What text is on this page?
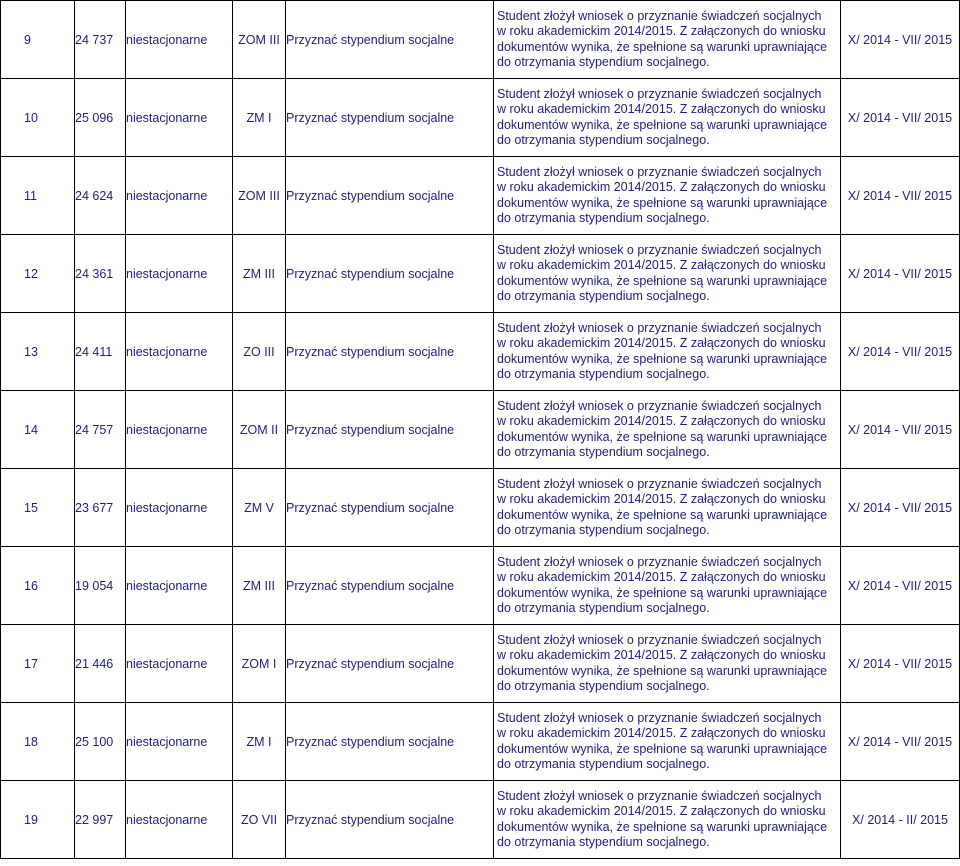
9	24 737	niestacjonarne	ZOM III	Przyznać stypendium socjalne	Student złożył wniosek o przyznanie świadczeń socjalnych w roku akademickim 2014/2015. Z załączonych do wniosku dokumentów wynika, że spełnione są warunki uprawniające do otrzymania stypendium socjalnego.	X/ 2014 - VII/ 2015
10	25 096	niestacjonarne	ZM I	Przyznać stypendium socjalne	Student złożył wniosek o przyznanie świadczeń socjalnych w roku akademickim 2014/2015. Z załączonych do wniosku dokumentów wynika, że spełnione są warunki uprawniające do otrzymania stypendium socjalnego.	X/ 2014 - VII/ 2015
11	24 624	niestacjonarne	ZOM III	Przyznać stypendium socjalne	Student złożył wniosek o przyznanie świadczeń socjalnych w roku akademickim 2014/2015. Z załączonych do wniosku dokumentów wynika, że spełnione są warunki uprawniające do otrzymania stypendium socjalnego.	X/ 2014 - VII/ 2015
12	24 361	niestacjonarne	ZM III	Przyznać stypendium socjalne	Student złożył wniosek o przyznanie świadczeń socjalnych w roku akademickim 2014/2015. Z załączonych do wniosku dokumentów wynika, że spełnione są warunki uprawniające do otrzymania stypendium socjalnego.	X/ 2014 - VII/ 2015
13	24 411	niestacjonarne	ZO III	Przyznać stypendium socjalne	Student złożył wniosek o przyznanie świadczeń socjalnych w roku akademickim 2014/2015. Z załączonych do wniosku dokumentów wynika, że spełnione są warunki uprawniające do otrzymania stypendium socjalnego.	X/ 2014 - VII/ 2015
14	24 757	niestacjonarne	ZOM II	Przyznać stypendium socjalne	Student złożył wniosek o przyznanie świadczeń socjalnych w roku akademickim 2014/2015. Z załączonych do wniosku dokumentów wynika, że spełnione są warunki uprawniające do otrzymania stypendium socjalnego.	X/ 2014 - VII/ 2015
15	23 677	niestacjonarne	ZM V	Przyznać stypendium socjalne	Student złożył wniosek o przyznanie świadczeń socjalnych w roku akademickim 2014/2015. Z załączonych do wniosku dokumentów wynika, że spełnione są warunki uprawniające do otrzymania stypendium socjalnego.	X/ 2014 - VII/ 2015
16	19 054	niestacjonarne	ZM III	Przyznać stypendium socjalne	Student złożył wniosek o przyznanie świadczeń socjalnych w roku akademickim 2014/2015. Z załączonych do wniosku dokumentów wynika, że spełnione są warunki uprawniające do otrzymania stypendium socjalnego.	X/ 2014 - VII/ 2015
17	21 446	niestacjonarne	ZOM I	Przyznać stypendium socjalne	Student złożył wniosek o przyznanie świadczeń socjalnych w roku akademickim 2014/2015. Z załączonych do wniosku dokumentów wynika, że spełnione są warunki uprawniające do otrzymania stypendium socjalnego.	X/ 2014 - VII/ 2015
18	25 100	niestacjonarne	ZM I	Przyznać stypendium socjalne	Student złożył wniosek o przyznanie świadczeń socjalnych w roku akademickim 2014/2015. Z załączonych do wniosku dokumentów wynika, że spełnione są warunki uprawniające do otrzymania stypendium socjalnego.	X/ 2014 - VII/ 2015
19	22 997	niestacjonarne	ZO VII	Przyznać stypendium socjalne	Student złożył wniosek o przyznanie świadczeń socjalnych w roku akademickim 2014/2015. Z załączonych do wniosku dokumentów wynika, że spełnione są warunki uprawniające do otrzymania stypendium socjalnego.	X/ 2014 - II/ 2015
